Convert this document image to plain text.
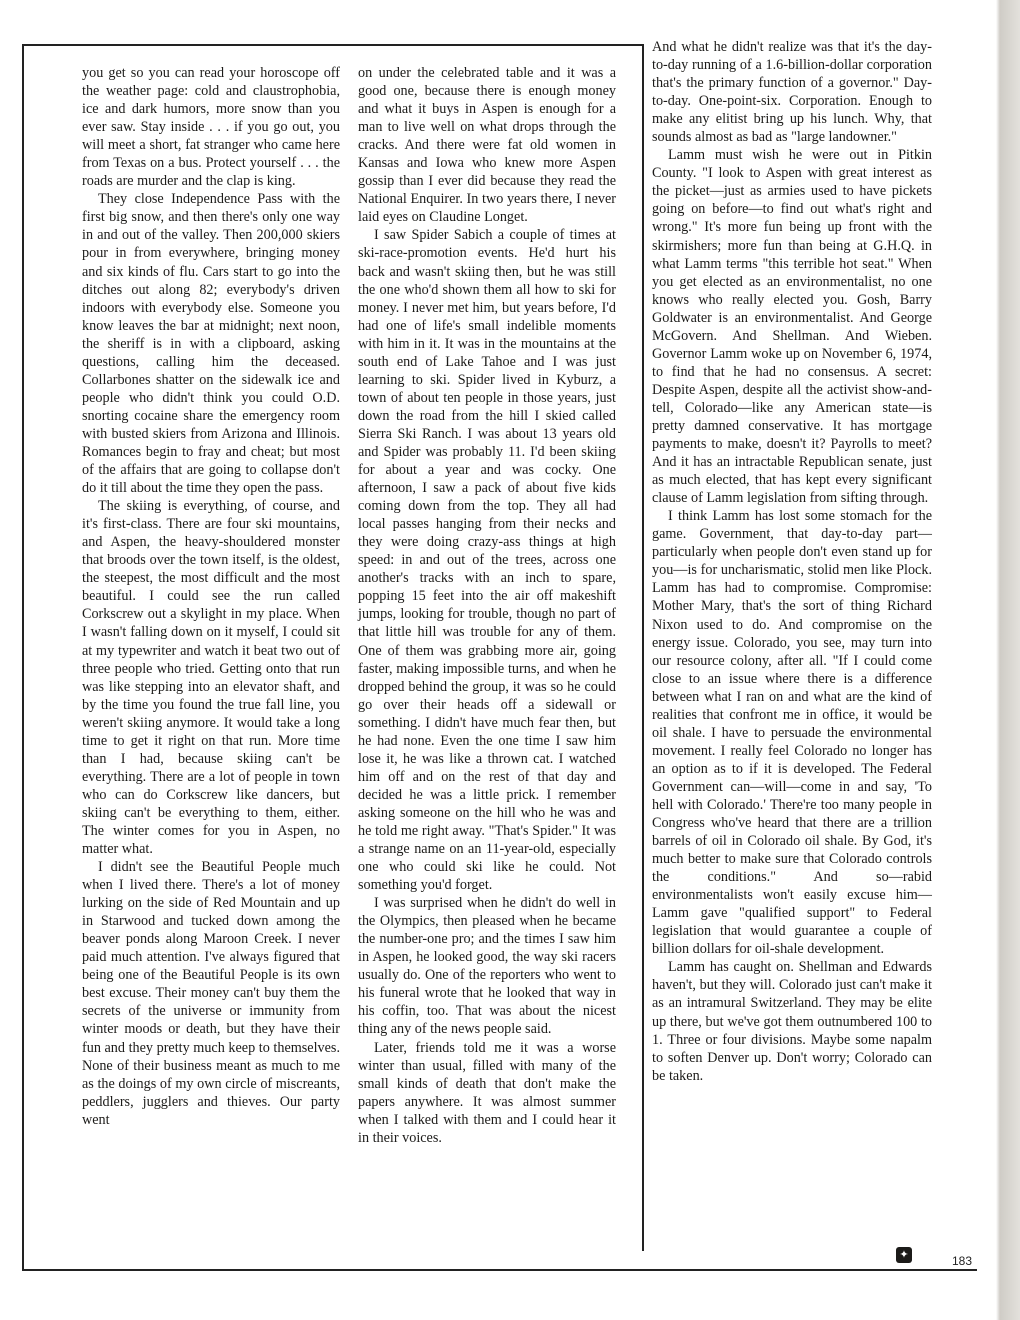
you get so you can read your horoscope off the weather page: cold and claustrophobia, ice and dark humors, more snow than you ever saw. Stay inside . . . if you go out, you will meet a short, fat stranger who came here from Texas on a bus. Protect yourself . . . the roads are murder and the clap is king.

They close Independence Pass with the first big snow, and then there's only one way in and out of the valley. Then 200,000 skiers pour in from everywhere, bringing money and six kinds of flu. Cars start to go into the ditches out along 82; everybody's driven indoors with everybody else. Someone you know leaves the bar at midnight; next noon, the sheriff is in with a clipboard, asking questions, calling him the deceased. Collarbones shatter on the sidewalk ice and people who didn't think you could O.D. snorting cocaine share the emergency room with busted skiers from Arizona and Illinois. Romances begin to fray and cheat; but most of the affairs that are going to collapse don't do it till about the time they open the pass.

The skiing is everything, of course, and it's first-class. There are four ski mountains, and Aspen, the heavy-shouldered monster that broods over the town itself, is the oldest, the steepest, the most difficult and the most beautiful. I could see the run called Corkscrew out a skylight in my place. When I wasn't falling down on it myself, I could sit at my typewriter and watch it beat two out of three people who tried. Getting onto that run was like stepping into an elevator shaft, and by the time you found the true fall line, you weren't skiing anymore. It would take a long time to get it right on that run. More time than I had, because skiing can't be everything. There are a lot of people in town who can do Corkscrew like dancers, but skiing can't be everything to them, either. The winter comes for you in Aspen, no matter what.

I didn't see the Beautiful People much when I lived there. There's a lot of money lurking on the side of Red Mountain and up in Starwood and tucked down among the beaver ponds along Maroon Creek. I never paid much attention. I've always figured that being one of the Beautiful People is its own best excuse. Their money can't buy them the secrets of the universe or immunity from winter moods or death, but they have their fun and they pretty much keep to themselves. None of their business meant as much to me as the doings of my own circle of miscreants, peddlers, jugglers and thieves. Our party went

on under the celebrated table and it was a good one, because there is enough money and what it buys in Aspen is enough for a man to live well on what drops through the cracks. And there were fat old women in Kansas and Iowa who knew more Aspen gossip than I ever did because they read the National Enquirer. In two years there, I never laid eyes on Claudine Longet.

I saw Spider Sabich a couple of times at ski-race-promotion events. He'd hurt his back and wasn't skiing then, but he was still the one who'd shown them all how to ski for money. I never met him, but years before, I'd had one of life's small indelible moments with him in it. It was in the mountains at the south end of Lake Tahoe and I was just learning to ski. Spider lived in Kyburz, a town of about ten people in those years, just down the road from the hill I skied called Sierra Ski Ranch. I was about 13 years old and Spider was probably 11. I'd been skiing for about a year and was cocky. One afternoon, I saw a pack of about five kids coming down from the top. They all had local passes hanging from their necks and they were doing crazy-ass things at high speed: in and out of the trees, across one another's tracks with an inch to spare, popping 15 feet into the air off makeshift jumps, looking for trouble, though no part of that little hill was trouble for any of them. One of them was grabbing more air, going faster, making impossible turns, and when he dropped behind the group, it was so he could go over their heads off a sidewall or something. I didn't have much fear then, but he had none. Even the one time I saw him lose it, he was like a thrown cat. I watched him off and on the rest of that day and decided he was a little prick. I remember asking someone on the hill who he was and he told me right away. "That's Spider." It was a strange name on an 11-year-old, especially one who could ski like he could. Not something you'd forget.

I was surprised when he didn't do well in the Olympics, then pleased when he became the number-one pro; and the times I saw him in Aspen, he looked good, the way ski racers usually do. One of the reporters who went to his funeral wrote that he looked that way in his coffin, too. That was about the nicest thing any of the news people said.

Later, friends told me it was a worse winter than usual, filled with many of the small kinds of death that don't make the papers anywhere. It was almost summer when I talked with them and I could hear it in their voices.

And what he didn't realize was that it's the day-to-day running of a 1.6-billion-dollar corporation that's the primary function of a governor." Day-to-day. One-point-six. Corporation. Enough to make any elitist bring up his lunch. Why, that sounds almost as bad as "large landowner."

Lamm must wish he were out in Pitkin County. "I look to Aspen with great interest as the picket—just as armies used to have pickets going on before—to find out what's right and wrong." It's more fun being up front with the skirmishers; more fun than being at G.H.Q. in what Lamm terms "this terrible hot seat." When you get elected as an environmentalist, no one knows who really elected you. Gosh, Barry Goldwater is an environmentalist. And George McGovern. And Shellman. And Wieben. Governor Lamm woke up on November 6, 1974, to find that he had no consensus. A secret: Despite Aspen, despite all the activist show-and-tell, Colorado—like any American state—is pretty damned conservative. It has mortgage payments to make, doesn't it? Payrolls to meet? And it has an intractable Republican senate, just as much elected, that has kept every significant clause of Lamm legislation from sifting through.

I think Lamm has lost some stomach for the game. Government, that day-to-day part—particularly when people don't even stand up for you—is for uncharismatic, stolid men like Plock. Lamm has had to compromise. Compromise: Mother Mary, that's the sort of thing Richard Nixon used to do. And compromise on the energy issue. Colorado, you see, may turn into our resource colony, after all. "If I could come close to an issue where there is a difference between what I ran on and what are the kind of realities that confront me in office, it would be oil shale. I have to persuade the environmental movement. I really feel Colorado no longer has an option as to if it is developed. The Federal Government can—will—come in and say, 'To hell with Colorado.' There're too many people in Congress who've heard that there are a trillion barrels of oil in Colorado oil shale. By God, it's much better to make sure that Colorado controls the conditions." And so—rabid environmentalists won't easily excuse him—Lamm gave "qualified support" to Federal legislation that would guarantee a couple of billion dollars for oil-shale development.

Lamm has caught on. Shellman and Edwards haven't, but they will. Colorado just can't make it as an intramural Switzerland. They may be elite up there, but we've got them outnumbered 100 to 1. Three or four divisions. Maybe some napalm to soften Denver up. Don't worry; Colorado can be taken.

✦	183
